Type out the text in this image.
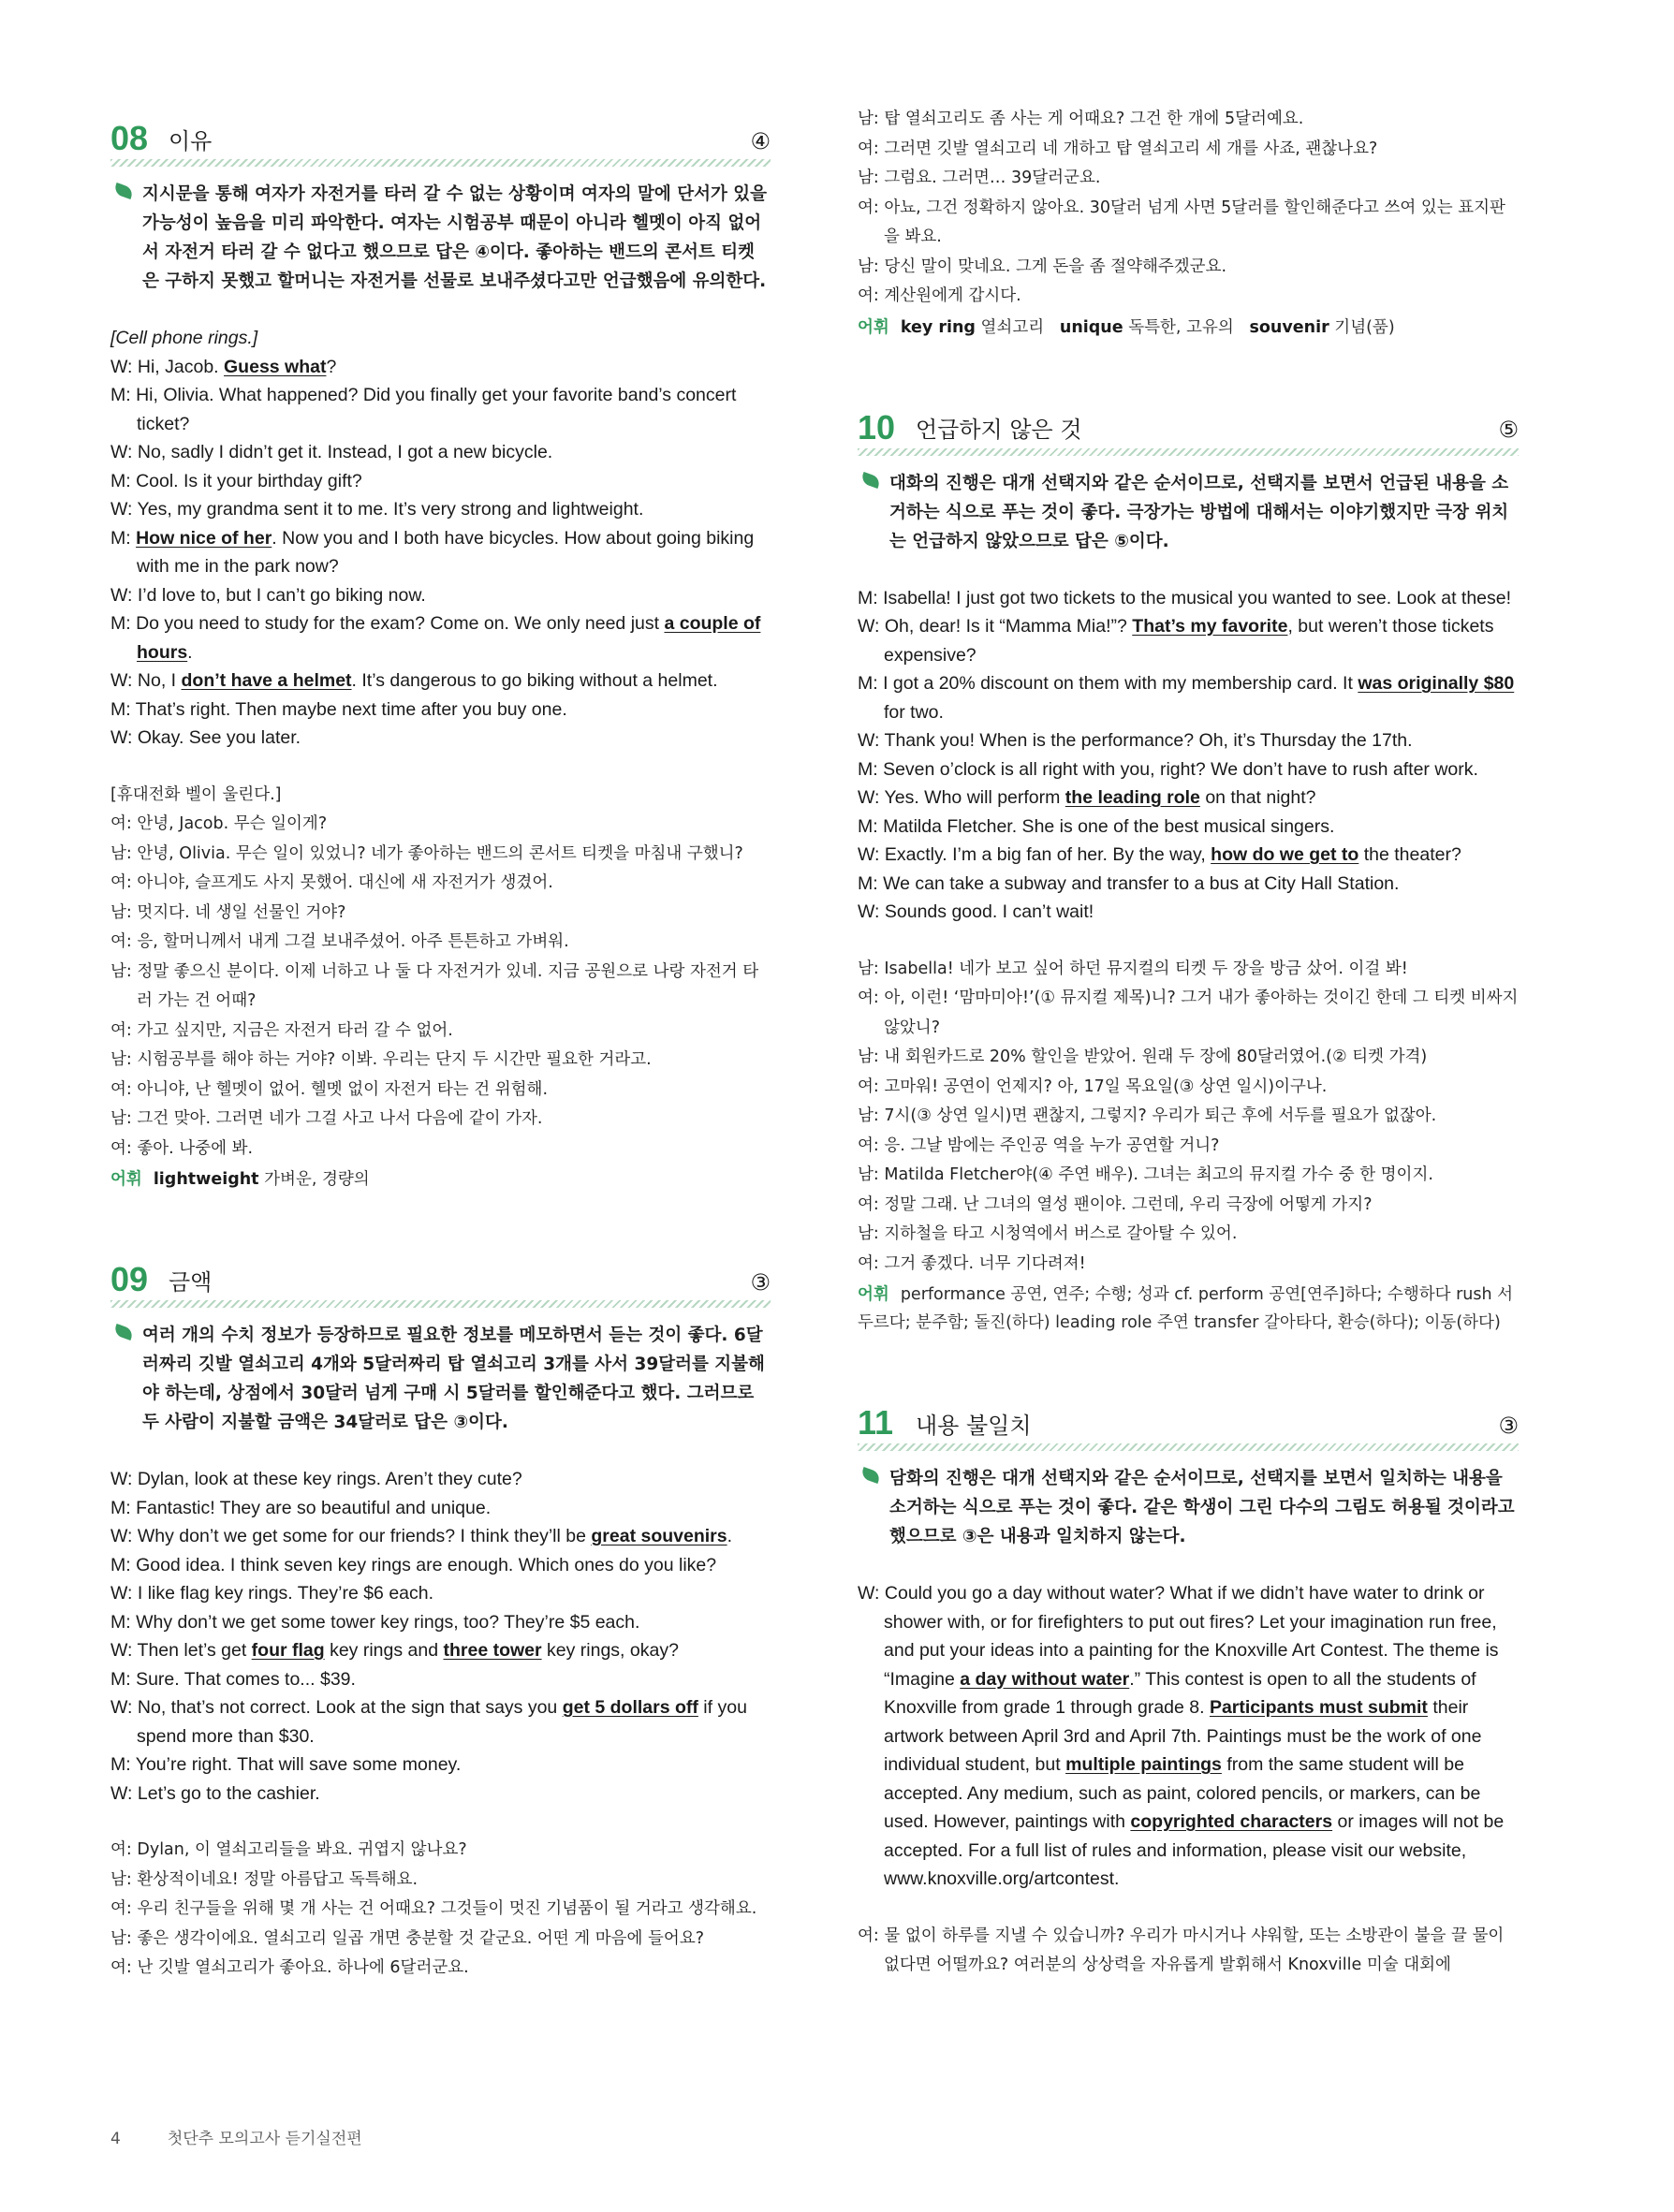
08 이유	④
지시문을 통해 여자가 자전거를 타러 갈 수 없는 상황이며 여자의 말에 단서가 있을 가능성이 높음을 미리 파악한다. 여자는 시험공부 때문이 아니라 헬멧이 아직 없어서 자전거 타러 갈 수 없다고 했으므로 답은 ④이다. 좋아하는 밴드의 콘서트 티켓은 구하지 못했고 할머니는 자전거를 선물로 보내주셨다고만 언급했음에 유의한다.
[Cell phone rings.]
W: Hi, Jacob. Guess what?
M: Hi, Olivia. What happened? Did you finally get your favorite band’s concert ticket?
W: No, sadly I didn’t get it. Instead, I got a new bicycle.
M: Cool. Is it your birthday gift?
W: Yes, my grandma sent it to me. It’s very strong and lightweight.
M: How nice of her. Now you and I both have bicycles. How about going biking with me in the park now?
W: I’d love to, but I can’t go biking now.
M: Do you need to study for the exam? Come on. We only need just a couple of hours.
W: No, I don’t have a helmet. It’s dangerous to go biking without a helmet.
M: That’s right. Then maybe next time after you buy one.
W: Okay. See you later.
[휴대전화 벨이 울린다.]
여: 안녕, Jacob. 무슨 일이게?
남: 안녕, Olivia. 무슨 일이 있었니? 네가 좋아하는 밴드의 콘서트 티켓을 마침내 구했니?
여: 아니야, 슬프게도 사지 못했어. 대신에 새 자전거가 생겼어.
남: 멋지다. 네 생일 선물인 거야?
여: 응, 할머니께서 내게 그걸 보내주셨어. 아주 튼튼하고 가벼워.
남: 정말 좋으신 분이다. 이제 너하고 나 둘 다 자전거가 있네. 지금 공원으로 나랑 자전거 타러 가는 건 어때?
여: 가고 싶지만, 지금은 자전거 타러 갈 수 없어.
남: 시험공부를 해야 하는 거야? 이봐. 우리는 단지 두 시간만 필요한 거라고.
여: 아니야, 난 헬멧이 없어. 헬멧 없이 자전거 타는 건 위험해.
남: 그건 맞아. 그러면 네가 그걸 사고 나서 다음에 같이 가자.
여: 좋아. 나중에 봐.
어휘 lightweight 가벼운, 경량의
09 금액	③
여러 개의 수치 정보가 등장하므로 필요한 정보를 메모하면서 듣는 것이 좋다. 6달러짜리 깃발 열쇠고리 4개와 5달러짜리 탑 열쇠고리 3개를 사서 39달러를 지불해야 하는데, 상점에서 30달러 넘게 구매 시 5달러를 할인해준다고 했다. 그러므로 두 사람이 지불할 금액은 34달러로 답은 ③이다.
W: Dylan, look at these key rings. Aren’t they cute?
M: Fantastic! They are so beautiful and unique.
W: Why don’t we get some for our friends? I think they’ll be great souvenirs.
M: Good idea. I think seven key rings are enough. Which ones do you like?
W: I like flag key rings. They’re $6 each.
M: Why don’t we get some tower key rings, too? They’re $5 each.
W: Then let’s get four flag key rings and three tower key rings, okay?
M: Sure. That comes to... $39.
W: No, that’s not correct. Look at the sign that says you get 5 dollars off if you spend more than $30.
M: You’re right. That will save some money.
W: Let’s go to the cashier.
여: Dylan, 이 열쇠고리들을 봐요. 귀엽지 않나요?
남: 환상적이네요! 정말 아름답고 독특해요.
여: 우리 친구들을 위해 몇 개 사는 건 어때요? 그것들이 멋진 기념품이 될 거라고 생각해요.
남: 좋은 생각이에요. 열쇠고리 일곱 개면 충분할 것 같군요. 어떤 게 마음에 들어요?
여: 난 깃발 열쇠고리가 좋아요. 하나에 6달러군요.
남: 탑 열쇠고리도 좀 사는 게 어때요? 그건 한 개에 5달러예요.
여: 그러면 깃발 열쇠고리 네 개하고 탑 열쇠고리 세 개를 사죠, 괜찮나요?
남: 그럼요. 그러면… 39달러군요.
여: 아뇨, 그건 정확하지 않아요. 30달러 넘게 사면 5달러를 할인해준다고 쓰여 있는 표지판을 봐요.
남: 당신 말이 맞네요. 그게 돈을 좀 절약해주겠군요.
여: 계산원에게 갑시다.
어휘 key ring 열쇠고리 unique 독특한, 고유의 souvenir 기념(품)
10 언급하지 않은 것	⑤
대화의 진행은 대개 선택지와 같은 순서이므로, 선택지를 보면서 언급된 내용을 소거하는 식으로 푸는 것이 좋다. 극장가는 방법에 대해서는 이야기했지만 극장 위치는 언급하지 않았으므로 답은 ⑤이다.
M: Isabella! I just got two tickets to the musical you wanted to see. Look at these!
W: Oh, dear! Is it “Mamma Mia!”? That’s my favorite, but weren’t those tickets expensive?
M: I got a 20% discount on them with my membership card. It was originally $80 for two.
W: Thank you! When is the performance? Oh, it’s Thursday the 17th.
M: Seven o’clock is all right with you, right? We don’t have to rush after work.
W: Yes. Who will perform the leading role on that night?
M: Matilda Fletcher. She is one of the best musical singers.
W: Exactly. I’m a big fan of her. By the way, how do we get to the theater?
M: We can take a subway and transfer to a bus at City Hall Station.
W: Sounds good. I can’t wait!
남: Isabella! 네가 보고 싶어 하던 뮤지컬의 티켓 두 장을 방금 샀어. 이걸 봐!
여: 아, 이런! ‘맘마미아!’(① 뮤지컬 제목)니? 그거 내가 좋아하는 것이긴 한데 그 티켓 비싸지 않았니?
남: 내 회원카드로 20% 할인을 받았어. 원래 두 장에 80달러였어.(② 티켓 가격)
여: 고마워! 공연이 언제지? 아, 17일 목요일(③ 상연 일시)이구나.
남: 7시(③ 상연 일시)면 괜찮지, 그렇지? 우리가 퇴근 후에 서두를 필요가 없잖아.
여: 응. 그날 밤에는 주인공 역을 누가 공연할 거니?
남: Matilda Fletcher야(④ 주연 배우). 그녀는 최고의 뮤지컬 가수 중 한 명이지.
여: 정말 그래. 난 그녀의 열성 팬이야. 그런데, 우리 극장에 어떻게 가지?
남: 지하철을 타고 시청역에서 버스로 갈아탈 수 있어.
여: 그거 좋겠다. 너무 기다려져!
어휘 performance 공연, 연주; 수행; 성과 cf. perform 공연[연주]하다; 수행하다 rush 서두르다; 분주함; 돌진(하다) leading role 주연 transfer 갈아타다, 환승(하다); 이동(하다)
11 내용 불일치	③
담화의 진행은 대개 선택지와 같은 순서이므로, 선택지를 보면서 일치하는 내용을 소거하는 식으로 푸는 것이 좋다. 같은 학생이 그린 다수의 그림도 허용될 것이라고 했으므로 ③은 내용과 일치하지 않는다.
W: Could you go a day without water? What if we didn’t have water to drink or shower with, or for firefighters to put out fires? Let your imagination run free, and put your ideas into a painting for the Knoxville Art Contest. The theme is “Imagine a day without water.” This contest is open to all the students of Knoxville from grade 1 through grade 8. Participants must submit their artwork between April 3rd and April 7th. Paintings must be the work of one individual student, but multiple paintings from the same student will be accepted. Any medium, such as paint, colored pencils, or markers, can be used. However, paintings with copyrighted characters or images will not be accepted. For a full list of rules and information, please visit our website, www.knoxville.org/artcontest.
여: 물 없이 하루를 지낼 수 있습니까? 우리가 마시거나 샤워할, 또는 소방관이 불을 끌 물이 없다면 어떨까요? 여러분의 상상력을 자유롭게 발휘해서 Knoxville 미술 대회에
4	첫단추 모의고사 듣기실전편
